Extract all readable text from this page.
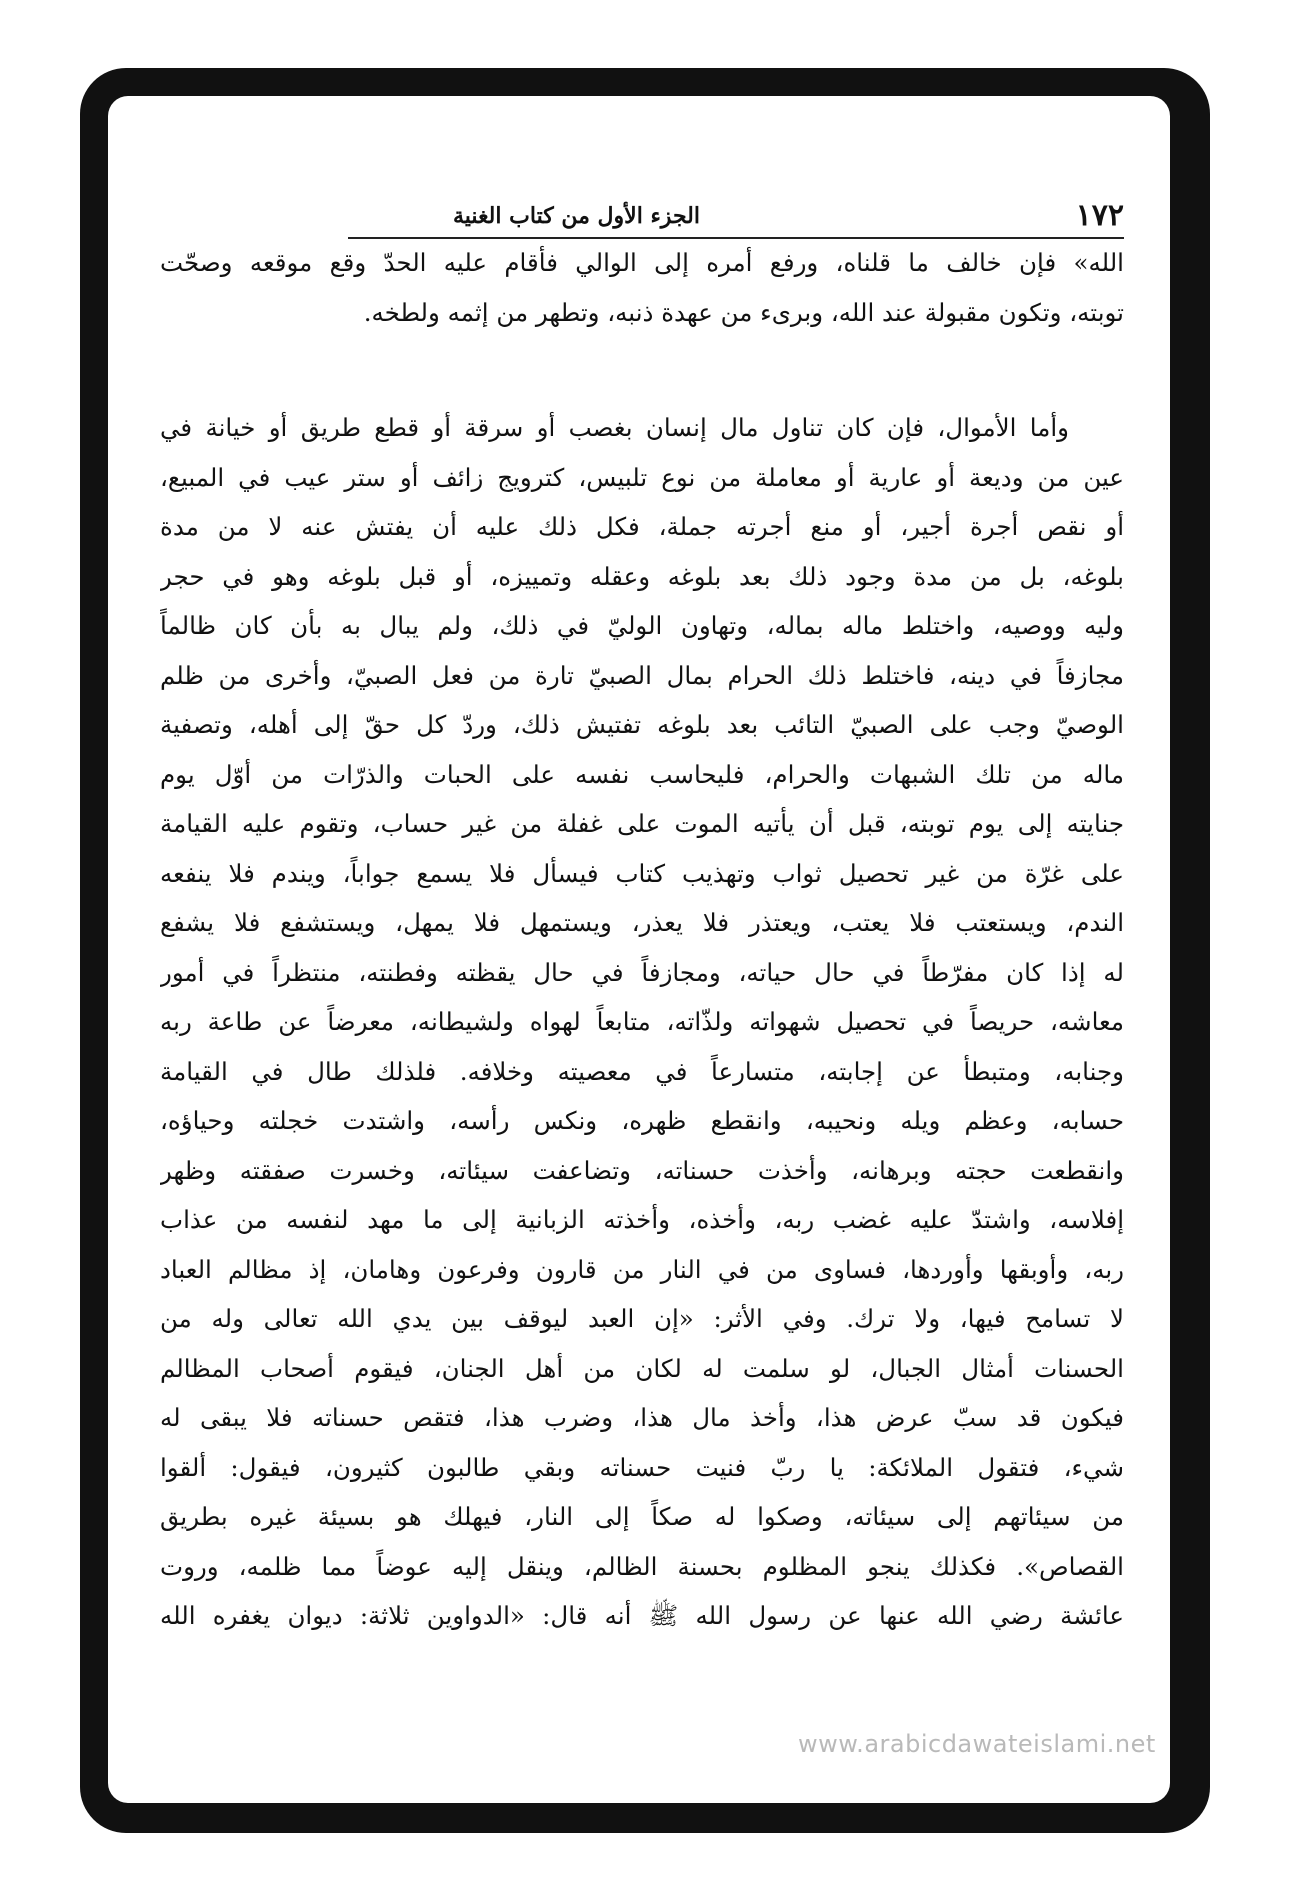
١٧٢
الجزء الأول من كتاب الغنية
الله» فإن خالف ما قلناه، ورفع أمره إلى الوالي فأقام عليه الحدّ وقع موقعه وصحّت
توبته، وتكون مقبولة عند الله، وبرىء من عهدة ذنبه، وتطهر من إثمه ولطخه.
وأما الأموال، فإن كان تناول مال إنسان بغصب أو سرقة أو قطع طريق أو خيانة في
عين من وديعة أو عارية أو معاملة من نوع تلبيس، كترويج زائف أو ستر عيب في المبيع،
أو نقص أجرة أجير، أو منع أجرته جملة، فكل ذلك عليه أن يفتش عنه لا من مدة
بلوغه، بل من مدة وجود ذلك بعد بلوغه وعقله وتمييزه، أو قبل بلوغه وهو في حجر
وليه ووصيه، واختلط ماله بماله، وتهاون الوليّ في ذلك، ولم يبال به بأن كان ظالماً
مجازفاً في دينه، فاختلط ذلك الحرام بمال الصبيّ تارة من فعل الصبيّ، وأخرى من ظلم
الوصيّ وجب على الصبيّ التائب بعد بلوغه تفتيش ذلك، وردّ كل حقّ إلى أهله، وتصفية
ماله من تلك الشبهات والحرام، فليحاسب نفسه على الحبات والذرّات من أوّل يوم
جنايته إلى يوم توبته، قبل أن يأتيه الموت على غفلة من غير حساب، وتقوم عليه القيامة
على غرّة من غير تحصيل ثواب وتهذيب كتاب فيسأل فلا يسمع جواباً، ويندم فلا ينفعه
الندم، ويستعتب فلا يعتب، ويعتذر فلا يعذر، ويستمهل فلا يمهل، ويستشفع فلا يشفع
له إذا كان مفرّطاً في حال حياته، ومجازفاً في حال يقظته وفطنته، منتظراً في أمور
معاشه، حريصاً في تحصيل شهواته ولذّاته، متابعاً لهواه ولشيطانه، معرضاً عن طاعة ربه
وجنابه، ومتبطأ عن إجابته، متسارعاً في معصيته وخلافه. فلذلك طال في القيامة
حسابه، وعظم ويله ونحيبه، وانقطع ظهره، ونكس رأسه، واشتدت خجلته وحياؤه،
وانقطعت حجته وبرهانه، وأخذت حسناته، وتضاعفت سيئاته، وخسرت صفقته وظهر
إفلاسه، واشتدّ عليه غضب ربه، وأخذه، وأخذته الزبانية إلى ما مهد لنفسه من عذاب
ربه، وأوبقها وأوردها، فساوى من في النار من قارون وفرعون وهامان، إذ مظالم العباد
لا تسامح فيها، ولا ترك. وفي الأثر: «إن العبد ليوقف بين يدي الله تعالى وله من
الحسنات أمثال الجبال، لو سلمت له لكان من أهل الجنان، فيقوم أصحاب المظالم
فيكون قد سبّ عرض هذا، وأخذ مال هذا، وضرب هذا، فتقص حسناته فلا يبقى له
شيء، فتقول الملائكة: يا ربّ فنيت حسناته وبقي طالبون كثيرون، فيقول: ألقوا
من سيئاتهم إلى سيئاته، وصكوا له صكاً إلى النار، فيهلك هو بسيئة غيره بطريق
القصاص». فكذلك ينجو المظلوم بحسنة الظالم، وينقل إليه عوضاً مما ظلمه، وروت
عائشة رضي الله عنها عن رسول الله ﷺ أنه قال: «الدواوين ثلاثة: ديوان يغفره الله
www.arabicdawateislami.net
